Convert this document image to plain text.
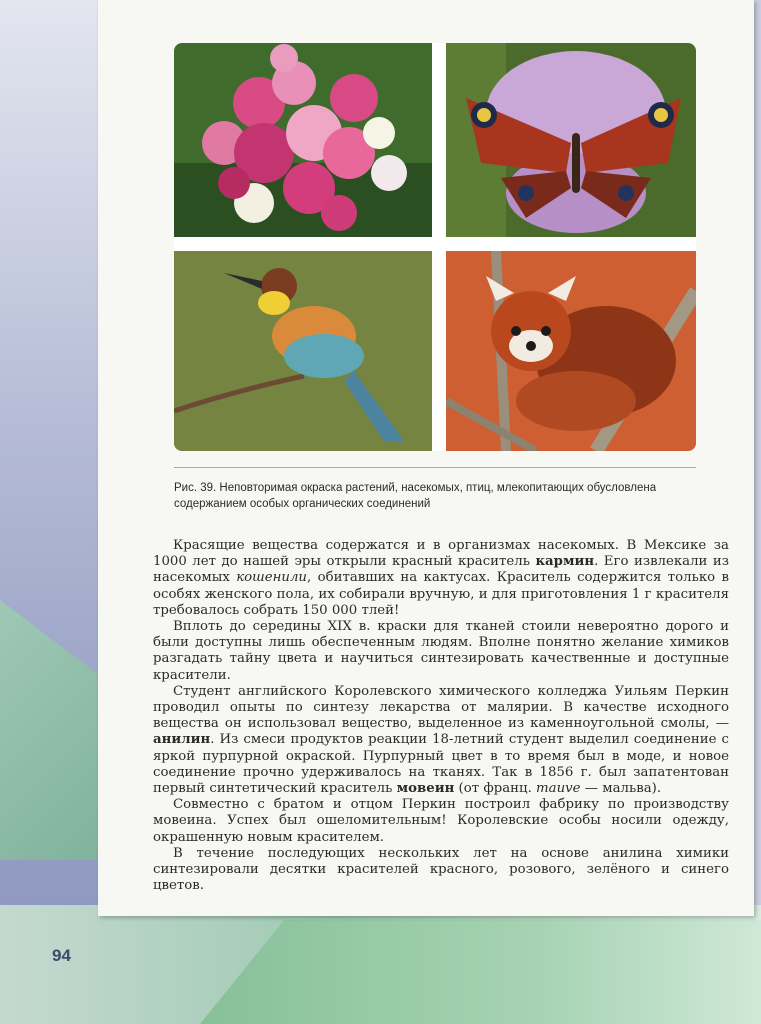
94
Рис. 39. Неповторимая окраска растений, насекомых, птиц, млекопитающих обусловлена содержанием особых органических соединений

Красящие вещества содержатся и в организмах насекомых. В Мексике за 1000 лет до нашей эры открыли красный краситель кармин. Его извлекали из насекомых кошенили, обитавших на кактусах. Краситель содержится только в особях женского пола, их собирали вручную, и для приготовления 1 г красителя требовалось собрать 150 000 тлей!

Вплоть до середины XIX в. краски для тканей стоили невероятно дорого и были доступны лишь обеспеченным людям. Вполне понятно желание химиков разгадать тайну цвета и научиться синтезировать качественные и доступные красители.

Студент английского Королевского химического колледжа Уильям Перкин проводил опыты по синтезу лекарства от малярии. В качестве исходного вещества он использовал вещество, выделенное из каменноугольной смолы, — анилин. Из смеси продуктов реакции 18-летний студент выделил соединение с яркой пурпурной окраской. Пурпурный цвет в то время был в моде, и новое соединение прочно удерживалось на тканях. Так в 1856 г. был запатентован первый синтетический краситель мовеин (от франц. mauve — мальва).

Совместно с братом и отцом Перкин построил фабрику по производству мовеина. Успех был ошеломительным! Королевские особы носили одежду, окрашенную новым красителем.

В течение последующих нескольких лет на основе анилина химики синтезировали десятки красителей красного, розового, зелёного и синего цветов.
